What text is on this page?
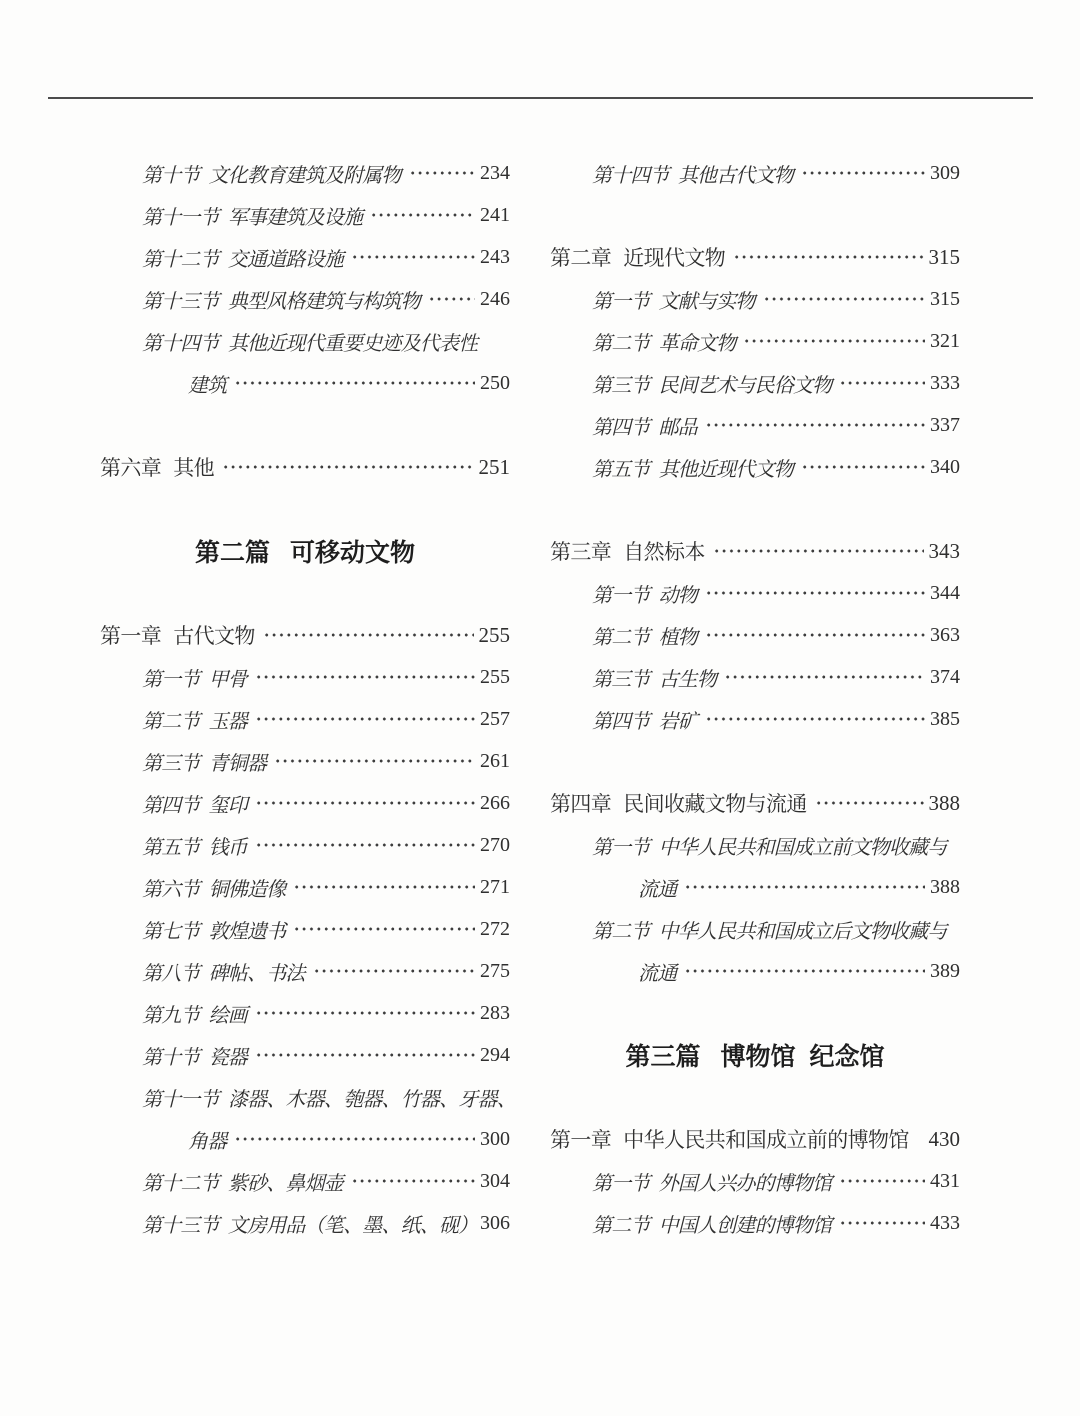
第十节 文化教育建筑及附属物	234
第十一节 军事建筑及设施	241
第十二节 交通道路设施	243
第十三节 典型风格建筑与构筑物	246
第十四节 其他近现代重要史迹及代表性
建筑	250
第六章 其他	251
第二篇 可移动文物
第一章 古代文物	255
第一节 甲骨	255
第二节 玉器	257
第三节 青铜器	261
第四节 玺印	266
第五节 钱币	270
第六节 铜佛造像	271
第七节 敦煌遗书	272
第八节 碑帖、书法	275
第九节 绘画	283
第十节 瓷器	294
第十一节 漆器、木器、匏器、竹器、牙器、
角器	300
第十二节 紫砂、鼻烟壶	304
第十三节 文房用品（笔、墨、纸、砚） 306
第十四节 其他古代文物	309
第二章 近现代文物	315
第一节 文献与实物	315
第二节 革命文物	321
第三节 民间艺术与民俗文物	333
第四节 邮品	337
第五节 其他近现代文物	340
第三章 自然标本	343
第一节 动物	344
第二节 植物	363
第三节 古生物	374
第四节 岩矿	385
第四章 民间收藏文物与流通	388
第一节 中华人民共和国成立前文物收藏与
流通	388
第二节 中华人民共和国成立后文物收藏与
流通	389
第三篇 博物馆  纪念馆
第一章 中华人民共和国成立前的博物馆 430
第一节 外国人兴办的博物馆	431
第二节 中国人创建的博物馆	433
